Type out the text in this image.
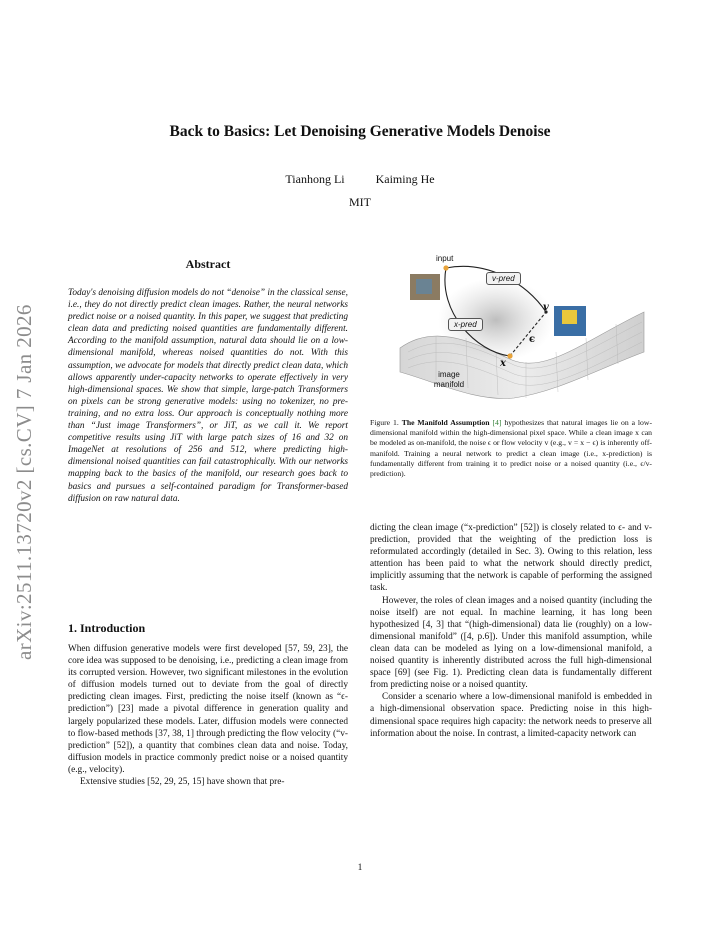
Back to Basics: Let Denoising Generative Models Denoise
Tianhong Li	Kaiming He
MIT
arXiv:2511.13720v2 [cs.CV] 7 Jan 2026
Abstract
Today's denoising diffusion models do not “denoise” in the classical sense, i.e., they do not directly predict clean images. Rather, the neural networks predict noise or a noised quantity. In this paper, we suggest that predicting clean data and predicting noised quantities are fundamentally different. According to the manifold assumption, natural data should lie on a low-dimensional manifold, whereas noised quantities do not. With this assumption, we advocate for models that directly predict clean data, which allows apparently under-capacity networks to operate effectively in very high-dimensional spaces. We show that simple, large-patch Transformers on pixels can be strong generative models: using no tokenizer, no pre-training, and no extra loss. Our approach is conceptually nothing more than “Just image Transformers”, or JiT, as we call it. We report competitive results using JiT with large patch sizes of 16 and 32 on ImageNet at resolutions of 256 and 512, where predicting high-dimensional noised quantities can fail catastrophically. With our networks mapping back to the basics of the manifold, our research goes back to basics and pursues a self-contained paradigm for Transformer-based diffusion on raw natural data.
1. Introduction

When diffusion generative models were first developed [57, 59, 23], the core idea was supposed to be denoising, i.e., predicting a clean image from its corrupted version. However, two significant milestones in the evolution of diffusion models turned out to deviate from the goal of directly predicting clean images. First, predicting the noise itself (known as “ϵ-prediction”) [23] made a pivotal difference in generation quality and largely popularized these models. Later, diffusion models were connected to flow-based methods [37, 38, 1] through predicting the flow velocity (“v-prediction” [52]), a quantity that combines clean data and noise. Today, diffusion models in practice commonly predict noise or a noised quantity (e.g., velocity).

Extensive studies [52, 29, 25, 15] have shown that pre-

input
v-pred
x-pred
v
ϵ
x
image manifold
Figure 1. The Manifold Assumption [4] hypothesizes that natural images lie on a low-dimensional manifold within the high-dimensional pixel space. While a clean image x can be modeled as on-manifold, the noise ϵ or flow velocity v (e.g., v = x − ϵ) is inherently off-manifold. Training a neural network to predict a clean image (i.e., x-prediction) is fundamentally different from training it to predict noise or a noised quantity (i.e., ϵ/v-prediction).

dicting the clean image (“x-prediction” [52]) is closely related to ϵ- and v-prediction, provided that the weighting of the prediction loss is reformulated accordingly (detailed in Sec. 3). Owing to this relation, less attention has been paid to what the network should directly predict, implicitly assuming that the network is capable of performing the assigned task.

However, the roles of clean images and a noised quantity (including the noise itself) are not equal. In machine learning, it has long been hypothesized [4, 3] that “(high-dimensional) data lie (roughly) on a low-dimensional manifold” ([4, p.6]). Under this manifold assumption, while clean data can be modeled as lying on a low-dimensional manifold, a noised quantity is inherently distributed across the full high-dimensional space [69] (see Fig. 1). Predicting clean data is fundamentally different from predicting noise or a noised quantity.

Consider a scenario where a low-dimensional manifold is embedded in a high-dimensional observation space. Predicting noise in this high-dimensional space requires high capacity: the network needs to preserve all information about the noise. In contrast, a limited-capacity network can

1
